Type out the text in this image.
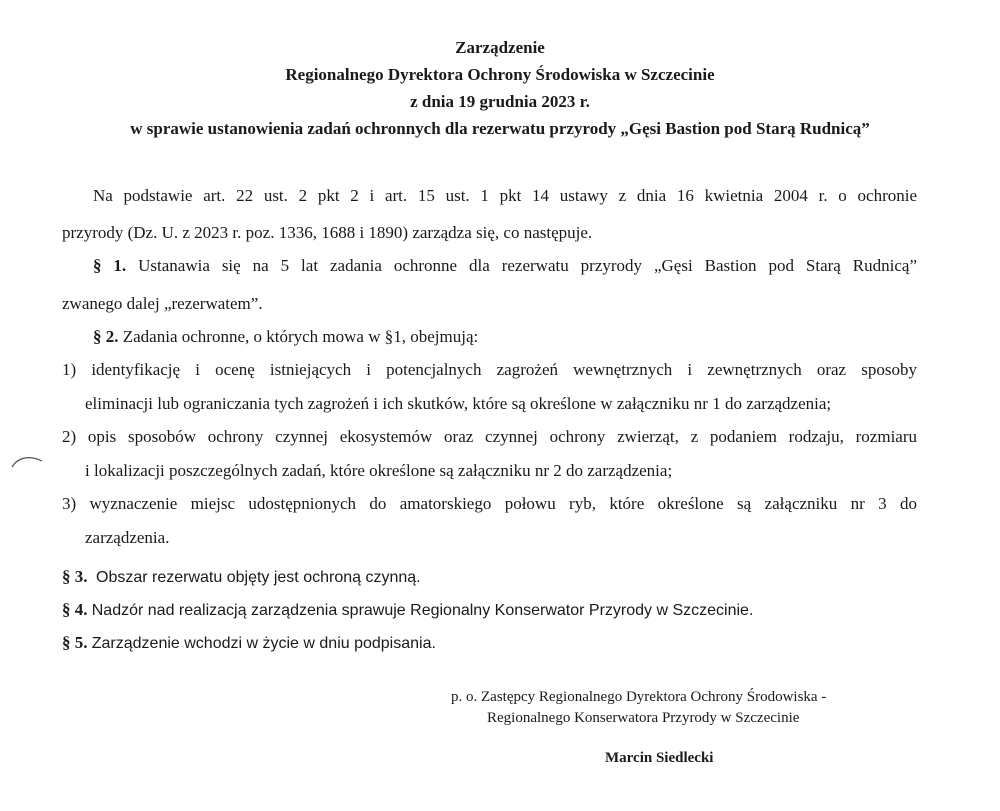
Zarządzenie
Regionalnego Dyrektora Ochrony Środowiska w Szczecinie
z dnia 19 grudnia 2023 r.
w sprawie ustanowienia zadań ochronnych dla rezerwatu przyrody „Gęsi Bastion pod Starą Rudnicą”
Na podstawie art. 22 ust. 2 pkt 2 i art. 15 ust. 1 pkt 14 ustawy z dnia 16 kwietnia 2004 r. o ochronie
przyrody (Dz. U. z 2023 r. poz. 1336, 1688 i 1890) zarządza się, co następuje.
§ 1. Ustanawia się na 5 lat zadania ochronne dla rezerwatu przyrody „Gęsi Bastion pod Starą Rudnicą”
zwanego dalej „rezerwatem”.
§ 2. Zadania ochronne, o których mowa w §1, obejmują:
1) identyfikację i ocenę istniejących i potencjalnych zagrożeń wewnętrznych i zewnętrznych oraz sposoby
eliminacji lub ograniczania tych zagrożeń i ich skutków, które są określone w załączniku nr 1 do zarządzenia;
2) opis sposobów ochrony czynnej ekosystemów oraz czynnej ochrony zwierząt, z podaniem rodzaju, rozmiaru
i lokalizacji poszczególnych zadań, które określone są załączniku nr 2 do zarządzenia;
3) wyznaczenie miejsc udostępnionych do amatorskiego połowu ryb, które określone są załączniku nr 3 do
zarządzenia.
§ 3. Obszar rezerwatu objęty jest ochroną czynną.
§ 4. Nadzór nad realizacją zarządzenia sprawuje Regionalny Konserwator Przyrody w Szczecinie.
§ 5. Zarządzenie wchodzi w życie w dniu podpisania.
p. o. Zastępcy Regionalnego Dyrektora Ochrony Środowiska -
Regionalnego Konserwatora Przyrody w Szczecinie
Marcin Siedlecki
